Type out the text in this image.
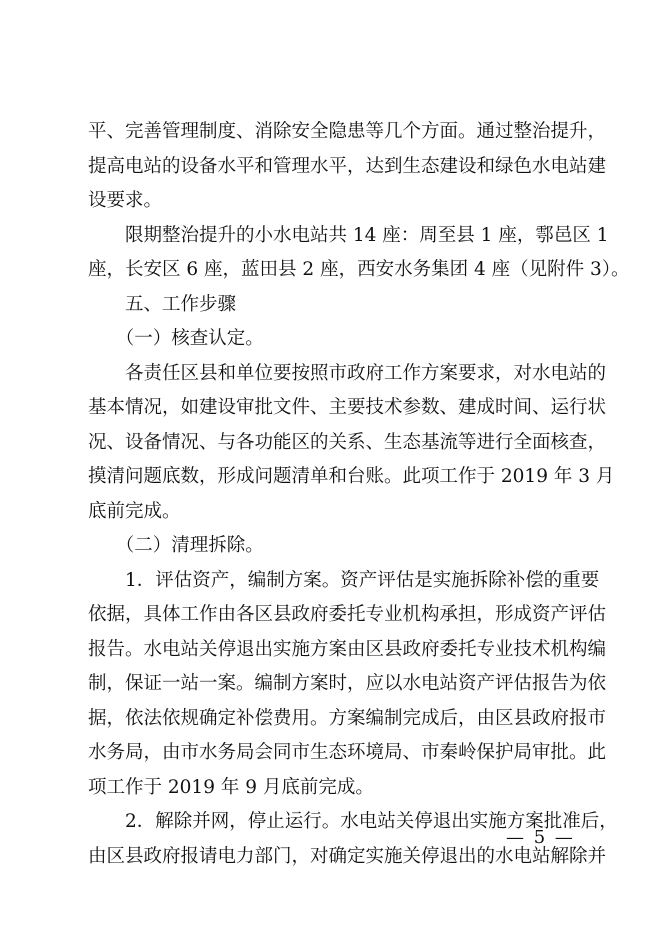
平、完善管理制度、消除安全隐患等几个方面。通过整治提升，
提高电站的设备水平和管理水平，达到生态建设和绿色水电站建
设要求。
　　限期整治提升的小水电站共 14 座：周至县 1 座，鄠邑区 1
座，长安区 6 座，蓝田县 2 座，西安水务集团 4 座（见附件 3）。
　　五、工作步骤
　　（一）核查认定。
　　各责任区县和单位要按照市政府工作方案要求，对水电站的
基本情况，如建设审批文件、主要技术参数、建成时间、运行状
况、设备情况、与各功能区的关系、生态基流等进行全面核查，
摸清问题底数，形成问题清单和台账。此项工作于 2019 年 3 月
底前完成。
　　（二）清理拆除。
　　1．评估资产，编制方案。资产评估是实施拆除补偿的重要
依据，具体工作由各区县政府委托专业机构承担，形成资产评估
报告。水电站关停退出实施方案由区县政府委托专业技术机构编
制，保证一站一案。编制方案时，应以水电站资产评估报告为依
据，依法依规确定补偿费用。方案编制完成后，由区县政府报市
水务局，由市水务局会同市生态环境局、市秦岭保护局审批。此
项工作于 2019 年 9 月底前完成。
　　2．解除并网，停止运行。水电站关停退出实施方案批准后，
由区县政府报请电力部门，对确定实施关停退出的水电站解除并
— 5 —
